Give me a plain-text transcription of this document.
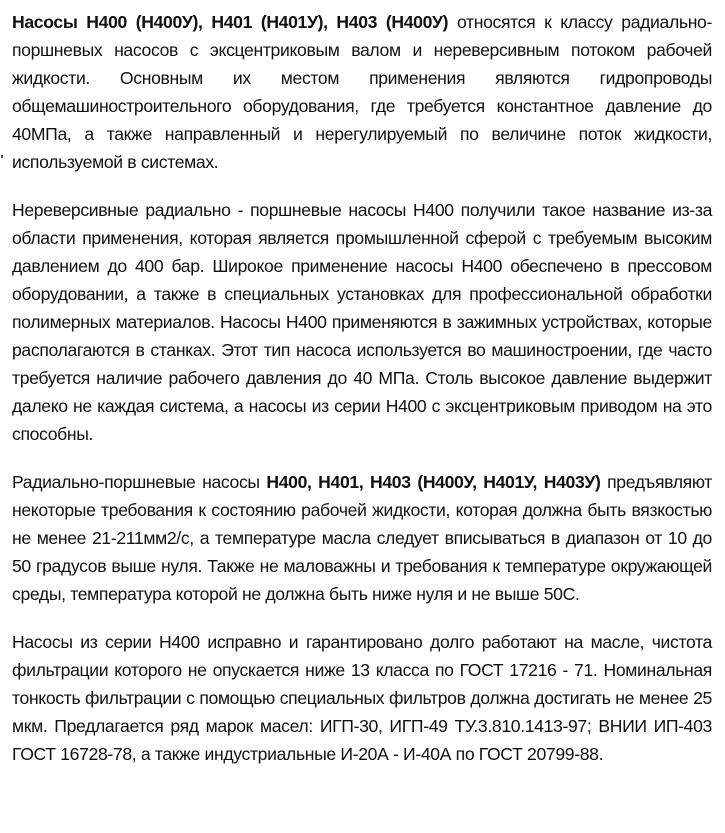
Насосы Н400 (Н400У), Н401 (Н401У), Н403 (Н400У) относятся к классу радиально-поршневых насосов с эксцентриковым валом и нереверсивным потоком рабочей жидкости. Основным их местом применения являются гидропроводы общемашиностроительного оборудования, где требуется константное давление до 40МПа, а также направленный и нерегулируемый по величине поток жидкости, используемой в системах.

Нереверсивные радиально - поршневые насосы Н400 получили такое название из-за области применения, которая является промышленной сферой с требуемым высоким давлением до 400 бар. Широкое применение насосы Н400 обеспечено в прессовом оборудовании, а также в специальных установках для профессиональной обработки полимерных материалов. Насосы Н400 применяются в зажимных устройствах, которые располагаются в станках. Этот тип насоса используется во машиностроении, где часто требуется наличие рабочего давления до 40 МПа. Столь высокое давление выдержит далеко не каждая система, а насосы из серии Н400 с эксцентриковым приводом на это способны.

Радиально-поршневые насосы Н400, Н401, Н403 (Н400У, Н401У, Н403У) предъявляют некоторые требования к состоянию рабочей жидкости, которая должна быть вязкостью не менее 21-211мм2/с, а температуре масла следует вписываться в диапазон от 10 до 50 градусов выше нуля. Также не маловажны и требования к температуре окружающей среды, температура которой не должна быть ниже нуля и не выше 50С.

Насосы из серии Н400 исправно и гарантировано долго работают на масле, чистота фильтрации которого не опускается ниже 13 класса по ГОСТ 17216 - 71. Номинальная тонкость фильтрации с помощью специальных фильтров должна достигать не менее 25 мкм. Предлагается ряд марок масел: ИГП-30, ИГП-49 ТУ.3.810.1413-97; ВНИИ ИП-403 ГОСТ 16728-78, а также индустриальные И-20А - И-40А по ГОСТ 20799-88.
